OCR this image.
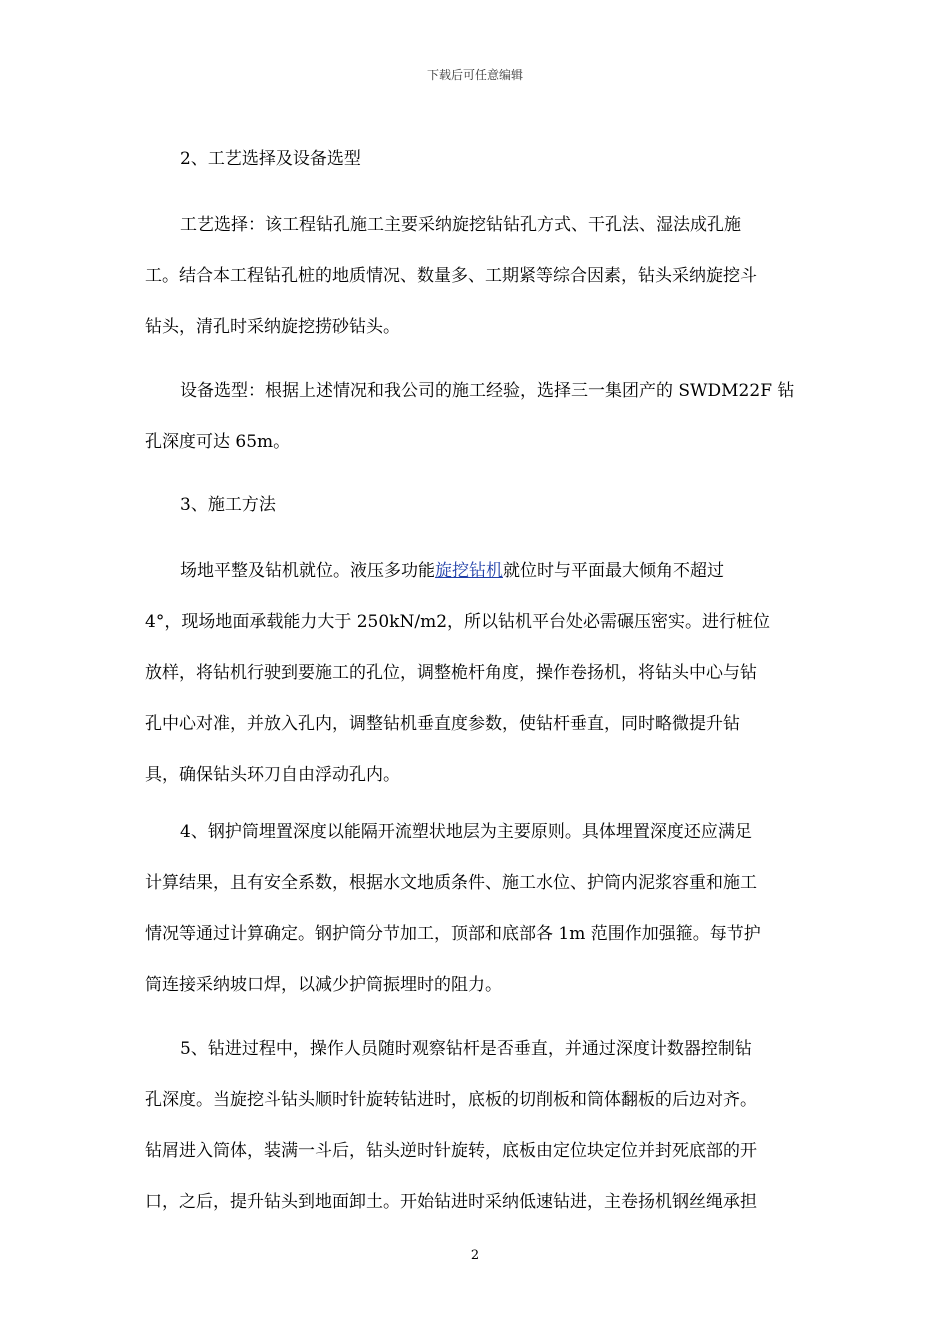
下载后可任意编辑
2、工艺选择及设备选型
工艺选择：该工程钻孔施工主要采纳旋挖钻钻孔方式、干孔法、湿法成孔施
工。结合本工程钻孔桩的地质情况、数量多、工期紧等综合因素，钻头采纳旋挖斗
钻头，清孔时采纳旋挖捞砂钻头。
设备选型：根据上述情况和我公司的施工经验，选择三一集团产的 SWDM22F 钻
孔深度可达 65m。
3、施工方法
场地平整及钻机就位。液压多功能旋挖钻机就位时与平面最大倾角不超过
4°，现场地面承载能力大于 250kN/m2，所以钻机平台处必需碾压密实。进行桩位
放样，将钻机行驶到要施工的孔位，调整桅杆角度，操作卷扬机，将钻头中心与钻
孔中心对准，并放入孔内，调整钻机垂直度参数，使钻杆垂直，同时略微提升钻
具，确保钻头环刀自由浮动孔内。
4、钢护筒埋置深度以能隔开流塑状地层为主要原则。具体埋置深度还应满足
计算结果，且有安全系数，根据水文地质条件、施工水位、护筒内泥浆容重和施工
情况等通过计算确定。钢护筒分节加工，顶部和底部各 1m 范围作加强箍。每节护
筒连接采纳坡口焊，以减少护筒振埋时的阻力。
5、钻进过程中，操作人员随时观察钻杆是否垂直，并通过深度计数器控制钻
孔深度。当旋挖斗钻头顺时针旋转钻进时，底板的切削板和筒体翻板的后边对齐。
钻屑进入筒体，装满一斗后，钻头逆时针旋转，底板由定位块定位并封死底部的开
口，之后，提升钻头到地面卸土。开始钻进时采纳低速钻进，主卷扬机钢丝绳承担
2
